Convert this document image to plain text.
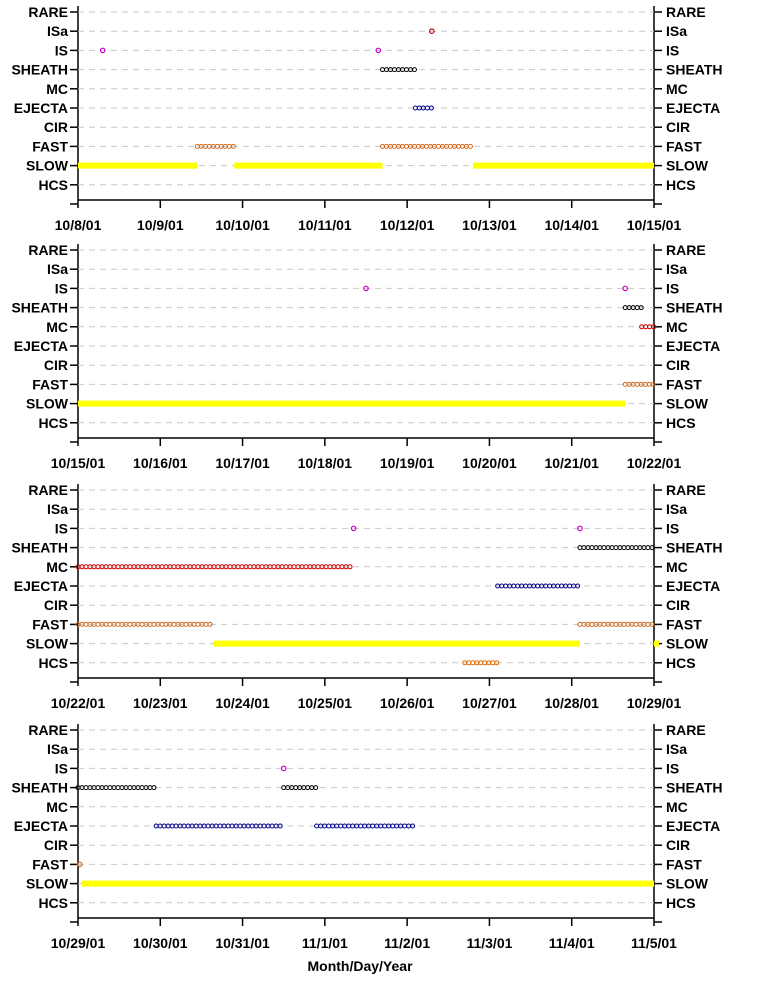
RARE	RARE
ISa	ISa
IS	IS
SHEATH	SHEATH
MC	MC
EJECTA	EJECTA
CIR	CIR
FAST	FAST
SLOW	SLOW
HCS	HCS
10/8/01	10/9/01 10/10/01 10/11/01 10/12/01 10/13/01 10/14/01 10/15/01
RARE	RARE
ISa	ISa
IS	IS
SHEATH	SHEATH
MC	MC
EJECTA	EJECTA
CIR	CIR
FAST	FAST
SLOW	SLOW
HCS	HCS
10/15/01 10/16/01 10/17/01 10/18/01 10/19/01 10/20/01 10/21/01 10/22/01
RARE	RARE
ISa	ISa
IS	IS
SHEATH	SHEATH
MC	MC
EJECTA	EJECTA
CIR	CIR
FAST	FAST
SLOW	SLOW
HCS	HCS
10/22/01 10/23/01 10/24/01 10/25/01 10/26/01 10/27/01 10/28/01 10/29/01
RARE	RARE
ISa	ISa
IS	IS
SHEATH	SHEATH
MC	MC
EJECTA	EJECTA
CIR	CIR
FAST	FAST
SLOW	SLOW
HCS	HCS
10/29/01 10/30/01 10/31/01 11/1/01	11/2/01	11/3/01	11/4/01	11/5/01
Month/Day/Year
